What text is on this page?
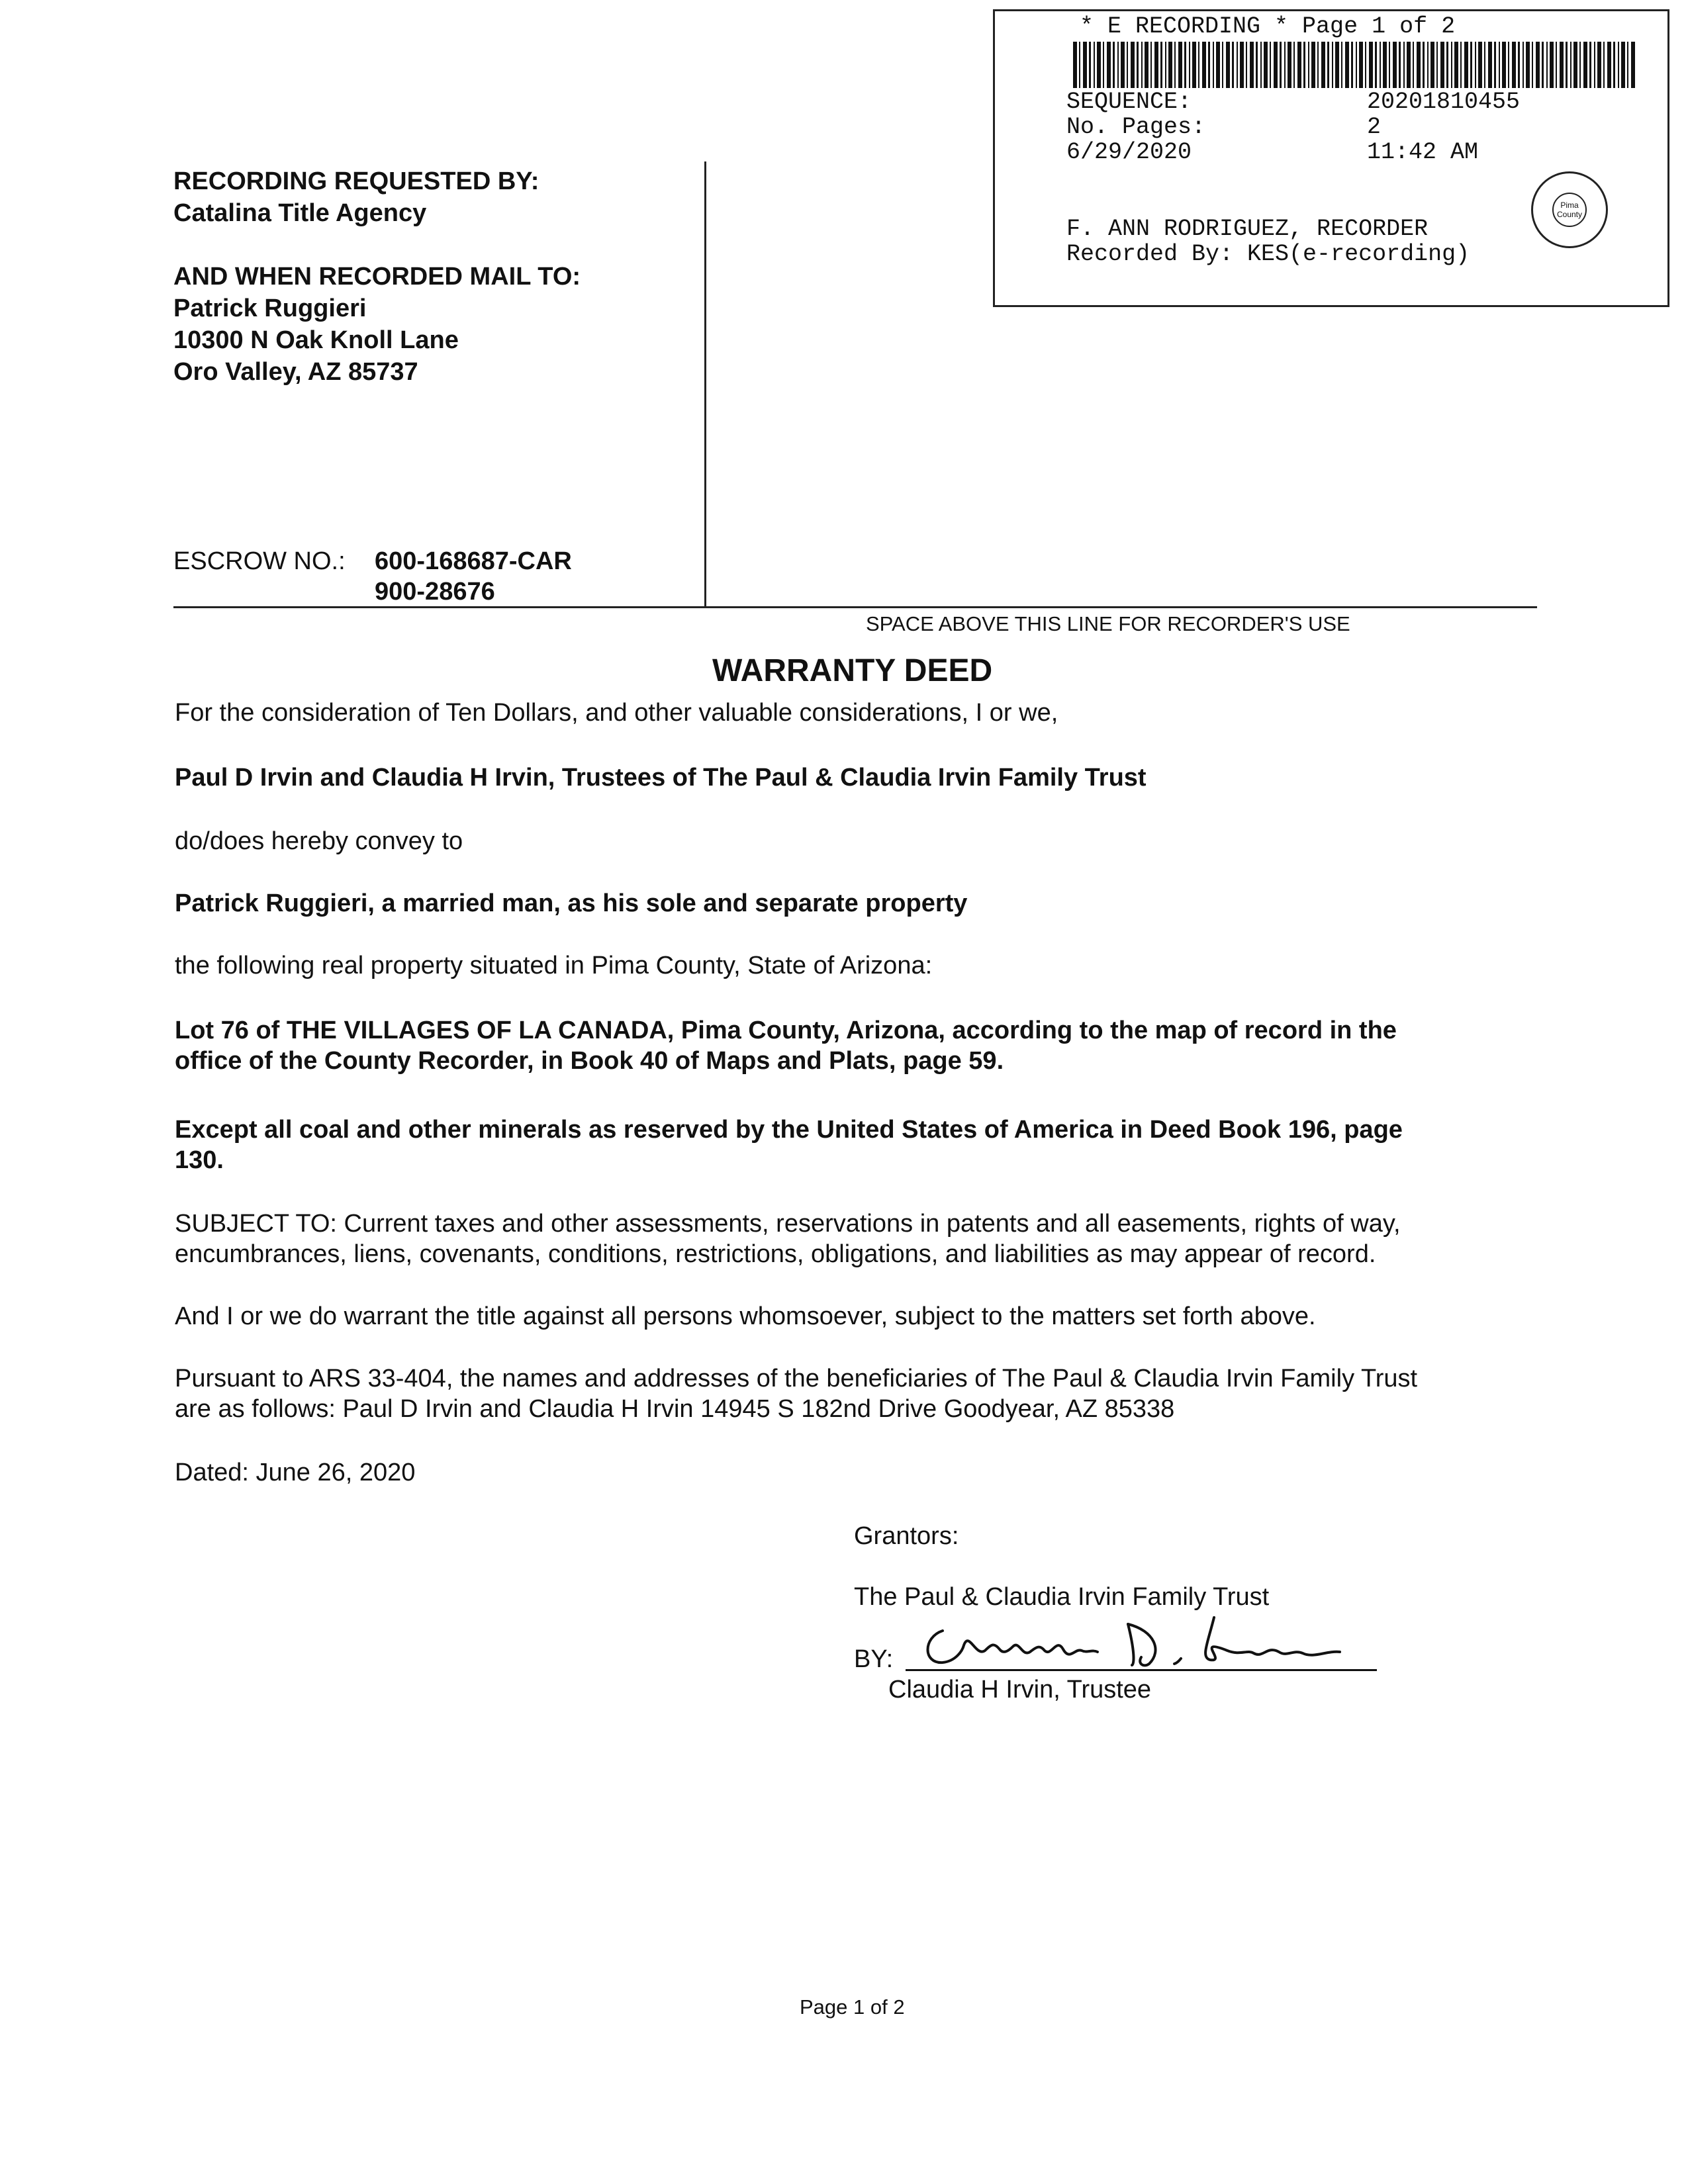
* E RECORDING * Page 1 of 2
SEQUENCE:	20201810455
No. Pages:	2
6/29/2020	11:42 AM
F. ANN RODRIGUEZ, RECORDER
Recorded By: KES(e-recording)
Pima County
RECORDING REQUESTED BY:
Catalina Title Agency
AND WHEN RECORDED MAIL TO:
Patrick Ruggieri
10300 N Oak Knoll Lane
Oro Valley, AZ 85737
ESCROW NO.: 600-168687-CAR
900-28676
SPACE ABOVE THIS LINE FOR RECORDER'S USE
WARRANTY DEED
For the consideration of Ten Dollars, and other valuable considerations, I or we,
Paul D Irvin and Claudia H Irvin, Trustees of The Paul & Claudia Irvin Family Trust
do/does hereby convey to
Patrick Ruggieri, a married man, as his sole and separate property
the following real property situated in Pima County, State of Arizona:
Lot 76 of THE VILLAGES OF LA CANADA, Pima County, Arizona, according to the map of record in the
office of the County Recorder, in Book 40 of Maps and Plats, page 59.
Except all coal and other minerals as reserved by the United States of America in Deed Book 196, page
130.
SUBJECT TO: Current taxes and other assessments, reservations in patents and all easements, rights of way,
encumbrances, liens, covenants, conditions, restrictions, obligations, and liabilities as may appear of record.
And I or we do warrant the title against all persons whomsoever, subject to the matters set forth above.
Pursuant to ARS 33-404, the names and addresses of the beneficiaries of The Paul & Claudia Irvin Family Trust
are as follows: Paul D Irvin and Claudia H Irvin 14945 S 182nd Drive Goodyear, AZ 85338
Dated: June 26, 2020
Grantors:
The Paul & Claudia Irvin Family Trust
BY:
Claudia H Irvin, Trustee
Page 1 of 2
